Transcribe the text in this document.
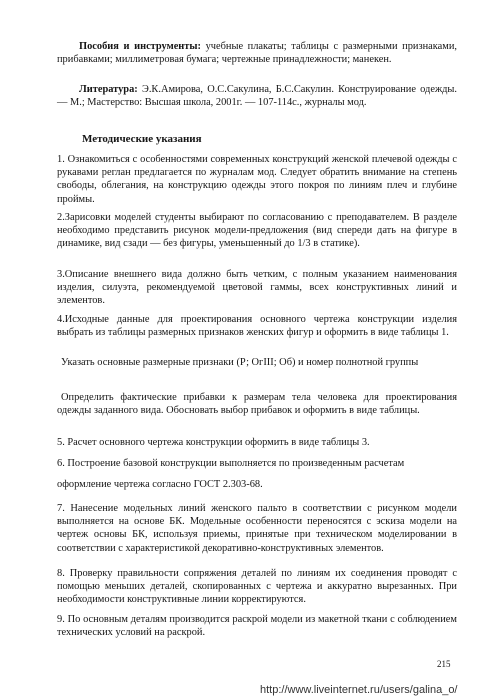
Пособия и инструменты: учебные плакаты; таблицы с размерными признаками, прибавками; миллиметровая бумага; чертежные принадлежности; манекен.

Литература: Э.К.Амирова, О.С.Сакулина, Б.С.Сакулин. Конструирование одежды. — М.; Мастерство: Высшая школа, 2001г. — 107-114с., журналы мод.

Методические указания

1. Ознакомиться с особенностями современных конструкций женской плечевой одежды с рукавами реглан предлагается по журналам мод. Следует обратить внимание на степень свободы, облегания, на конструкцию одежды этого покроя по линиям плеч и глубине проймы.

2.Зарисовки моделей студенты выбирают по согласованию с преподавателем. В разделе необходимо представить рисунок модели-предложения (вид спереди дать на фигуре в динамике, вид сзади — без фигуры, уменьшенный до 1/3 в статике).

3.Описание внешнего вида должно быть четким, с полным указанием наименования изделия, силуэта, рекомендуемой цветовой гаммы, всех конструктивных линий и элементов.

4.Исходные данные для проектирования основного чертежа конструкции изделия выбрать из таблицы размерных признаков женских фигур и оформить в виде таблицы 1.

Указать основные размерные признаки (Р; ОгIII; Об) и номер полнотной группы

Определить фактические прибавки к размерам тела человека для проектирования одежды заданного вида. Обосновать выбор прибавок и оформить в виде таблицы.

5. Расчет основного чертежа конструкции оформить в виде таблицы 3.

6. Построение базовой конструкции выполняется по произведенным расчетам

оформление чертежа согласно ГОСТ 2.303-68.

7. Нанесение модельных линий женского пальто в соответствии с рисунком модели выполняется на основе БК. Модельные особенности переносятся с эскиза модели на чертеж основы БК, используя приемы, принятые при техническом моделировании в соответствии с характеристикой декоративно-конструктивных элементов.

8. Проверку правильности сопряжения деталей по линиям их соединения проводят с помощью меньших деталей, скопированных с чертежа и аккуратно вырезанных. При необходимости конструктивные линии корректируются.

9. По основным деталям производится раскрой модели из макетной ткани с соблюдением технических условий на раскрой.

215

http://www.liveinternet.ru/users/galina_o/
